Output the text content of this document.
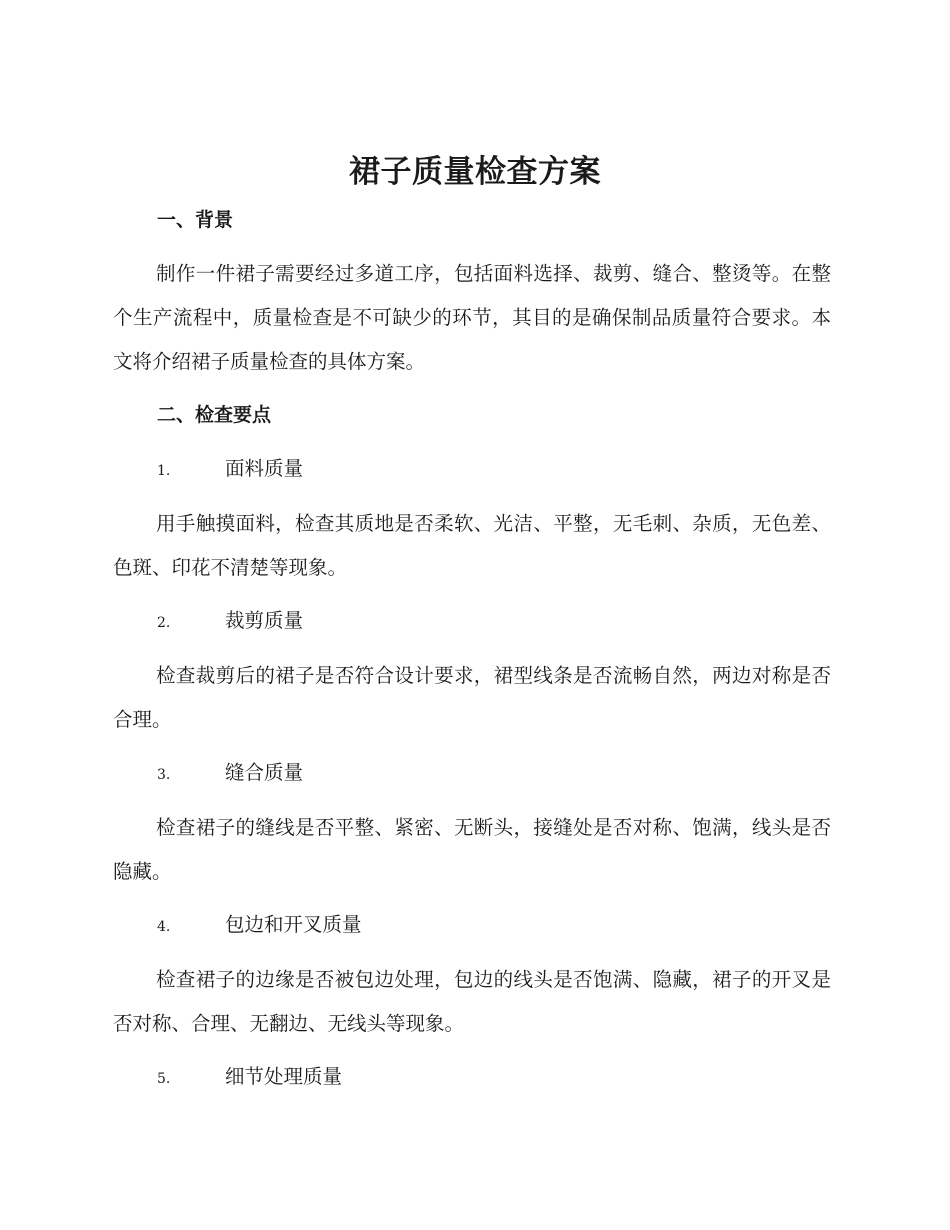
裙子质量检查方案
一、背景
制作一件裙子需要经过多道工序，包括面料选择、裁剪、缝合、整烫等。在整个生产流程中，质量检查是不可缺少的环节，其目的是确保制品质量符合要求。本文将介绍裙子质量检查的具体方案。
二、检查要点
1.	面料质量
用手触摸面料，检查其质地是否柔软、光洁、平整，无毛刺、杂质，无色差、色斑、印花不清楚等现象。
2.	裁剪质量
检查裁剪后的裙子是否符合设计要求，裙型线条是否流畅自然，两边对称是否合理。
3.	缝合质量
检查裙子的缝线是否平整、紧密、无断头，接缝处是否对称、饱满，线头是否隐藏。
4.	包边和开叉质量
检查裙子的边缘是否被包边处理，包边的线头是否饱满、隐藏，裙子的开叉是否对称、合理、无翻边、无线头等现象。
5.	细节处理质量
